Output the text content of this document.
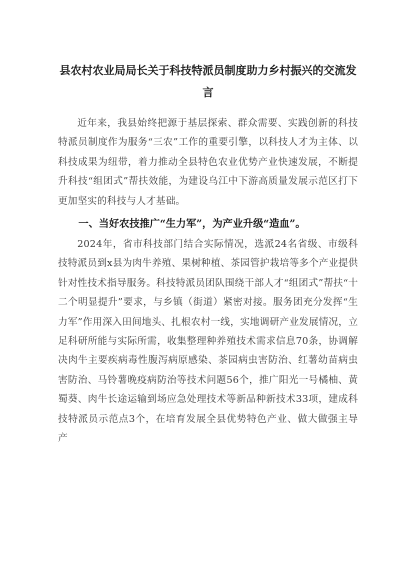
县农村农业局局长关于科技特派员制度助力乡村振兴的交流发言

近年来，我县始终把源于基层探索、群众需要、实践创新的科技特派员制度作为服务“三农”工作的重要引擎，以科技人才为主体、以科技成果为纽带，着力推动全县特色农业优势产业快速发展，不断提升科技“组团式”帮扶效能，为建设乌江中下游高质量发展示范区打下更加坚实的科技与人才基础。

一、当好农技推广“生力军”，为产业升级“造血”。

2024年，省市科技部门结合实际情况，选派24名省级、市级科技特派员到x县为肉牛养殖、果树种植、茶园管护栽培等多个产业提供针对性技术指导服务。科技特派员团队围绕干部人才“组团式”帮扶“十二个明显提升”要求，与乡镇（街道）紧密对接。服务团充分发挥“生力军”作用深入田间地头、扎根农村一线，实地调研产业发展情况，立足科研所能与实际所需，收集整理种养殖技术需求信息70条，协调解决肉牛主要疾病毒性腹泻病原感染、茶园病虫害防治、红薯幼苗病虫害防治、马铃薯晚疫病防治等技术问题56个，推广阳光一号橘柚、黄蜀葵、肉牛长途运输到场应急处理技术等新品种新技术33项，建成科技特派员示范点3个，在培育发展全县优势特色产业、做大做强主导产
